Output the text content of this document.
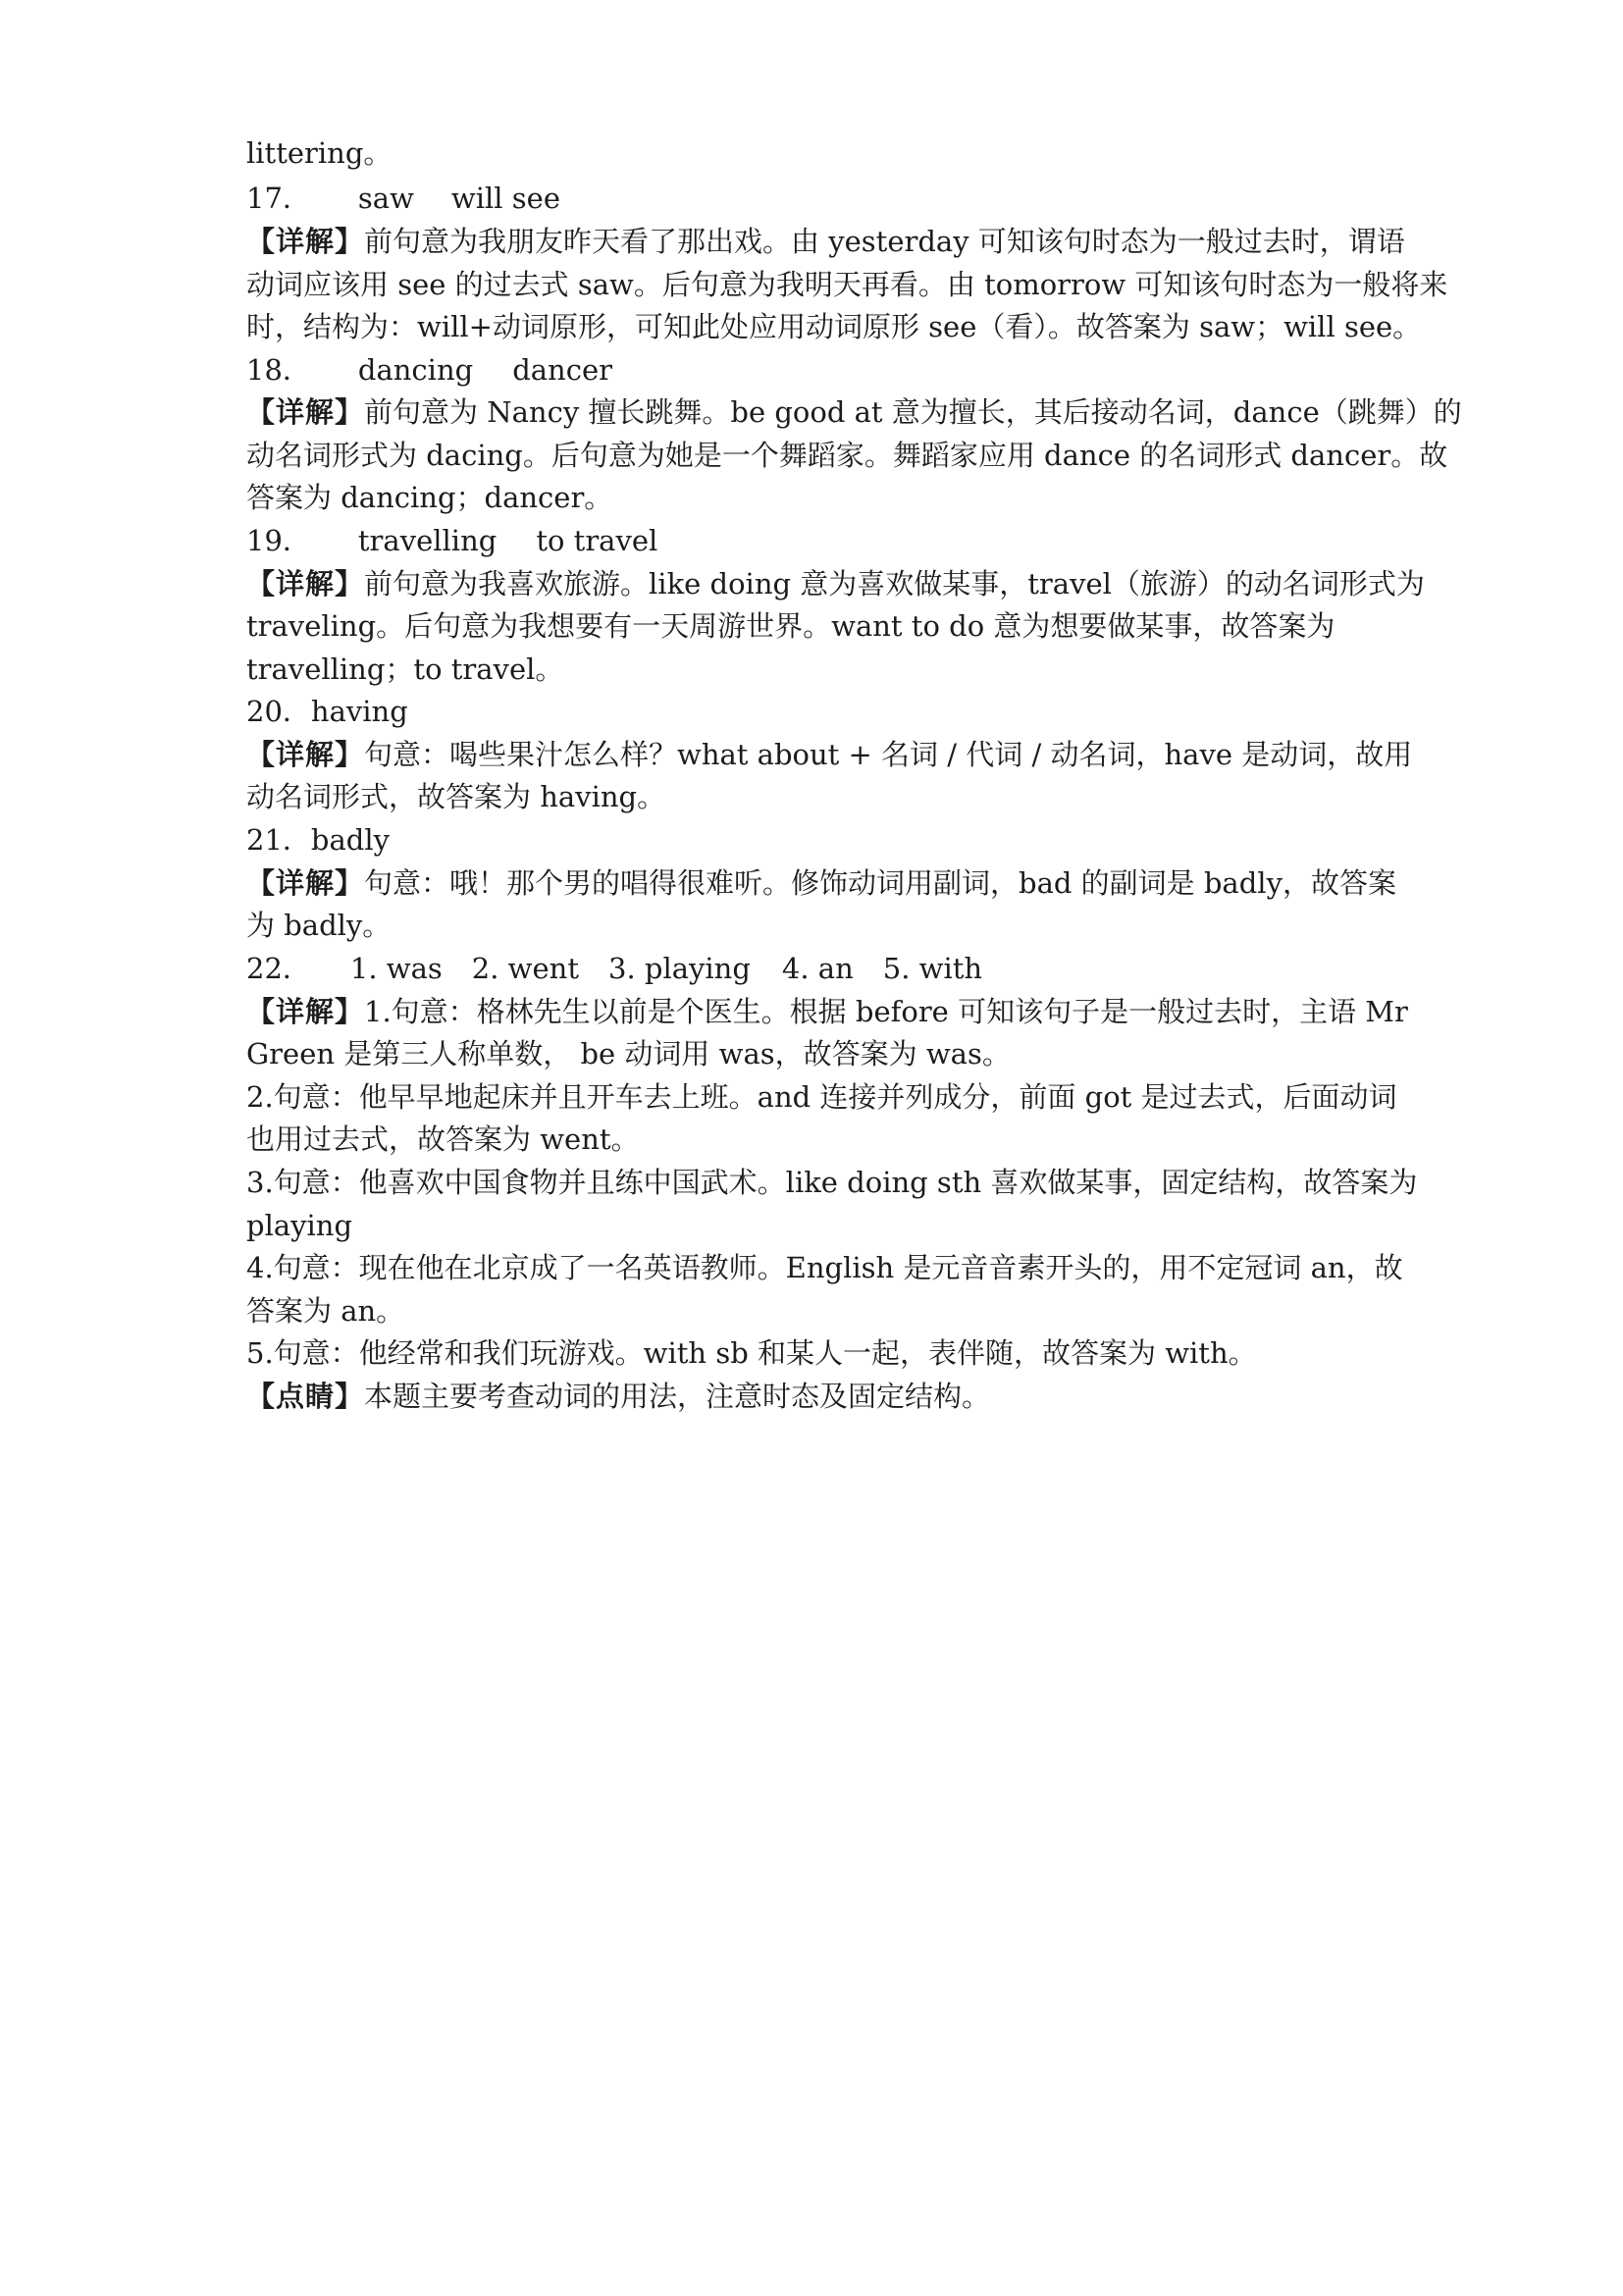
littering。
17． saw will see
【详解】前句意为我朋友昨天看了那出戏。由 yesterday 可知该句时态为一般过去时，谓语
动词应该用 see 的过去式 saw。后句意为我明天再看。由 tomorrow 可知该句时态为一般将来
时，结构为：will+动词原形，可知此处应用动词原形 see（看）。故答案为 saw；will see。
18． dancing dancer
【详解】前句意为 Nancy 擅长跳舞。be good at 意为擅长，其后接动名词，dance（跳舞）的
动名词形式为 dacing。后句意为她是一个舞蹈家。舞蹈家应用 dance 的名词形式 dancer。故
答案为 dancing；dancer。
19． travelling to travel
【详解】前句意为我喜欢旅游。like doing 意为喜欢做某事，travel（旅游）的动名词形式为
traveling。后句意为我想要有一天周游世界。want to do 意为想要做某事，故答案为
travelling；to travel。
20．having
【详解】句意：喝些果汁怎么样？what about + 名词 / 代词 / 动名词，have 是动词，故用
动名词形式，故答案为 having。
21．badly
【详解】句意：哦！那个男的唱得很难听。修饰动词用副词，bad 的副词是 badly，故答案
为 badly。
22． 1. was 2. went 3. playing 4. an 5. with
【详解】1.句意：格林先生以前是个医生。根据 before 可知该句子是一般过去时，主语 Mr
Green 是第三人称单数， be 动词用 was，故答案为 was。
2.句意：他早早地起床并且开车去上班。and 连接并列成分，前面 got 是过去式，后面动词
也用过去式，故答案为 went。
3.句意：他喜欢中国食物并且练中国武术。like doing sth 喜欢做某事，固定结构，故答案为
playing
4.句意：现在他在北京成了一名英语教师。English 是元音音素开头的，用不定冠词 an，故
答案为 an。
5.句意：他经常和我们玩游戏。with sb 和某人一起，表伴随，故答案为 with。
【点睛】本题主要考查动词的用法，注意时态及固定结构。
